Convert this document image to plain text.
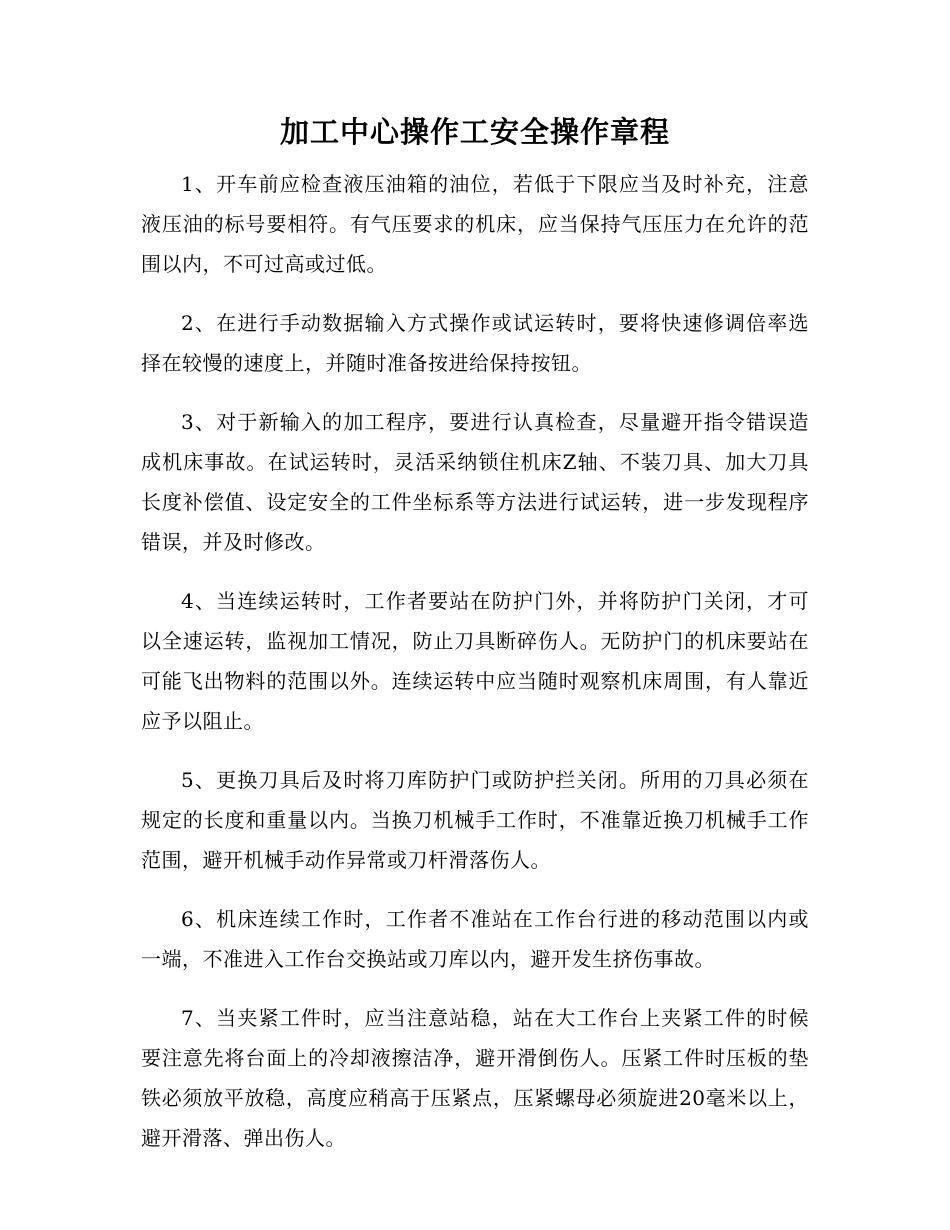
加工中心操作工安全操作章程

1、开车前应检查液压油箱的油位，若低于下限应当及时补充，注意液压油的标号要相符。有气压要求的机床，应当保持气压压力在允许的范围以内，不可过高或过低。

2、在进行手动数据输入方式操作或试运转时，要将快速修调倍率选择在较慢的速度上，并随时准备按进给保持按钮。

3、对于新输入的加工程序，要进行认真检查，尽量避开指令错误造成机床事故。在试运转时，灵活采纳锁住机床Z轴、不装刀具、加大刀具长度补偿值、设定安全的工件坐标系等方法进行试运转，进一步发现程序错误，并及时修改。

4、当连续运转时，工作者要站在防护门外，并将防护门关闭，才可以全速运转，监视加工情况，防止刀具断碎伤人。无防护门的机床要站在可能飞出物料的范围以外。连续运转中应当随时观察机床周围，有人靠近应予以阻止。

5、更换刀具后及时将刀库防护门或防护拦关闭。所用的刀具必须在规定的长度和重量以内。当换刀机械手工作时，不准靠近换刀机械手工作范围，避开机械手动作异常或刀杆滑落伤人。

6、机床连续工作时，工作者不准站在工作台行进的移动范围以内或一端，不准进入工作台交换站或刀库以内，避开发生挤伤事故。

7、当夹紧工件时，应当注意站稳，站在大工作台上夹紧工件的时候要注意先将台面上的冷却液擦洁净，避开滑倒伤人。压紧工件时压板的垫铁必须放平放稳，高度应稍高于压紧点，压紧螺母必须旋进20毫米以上，避开滑落、弹出伤人。
